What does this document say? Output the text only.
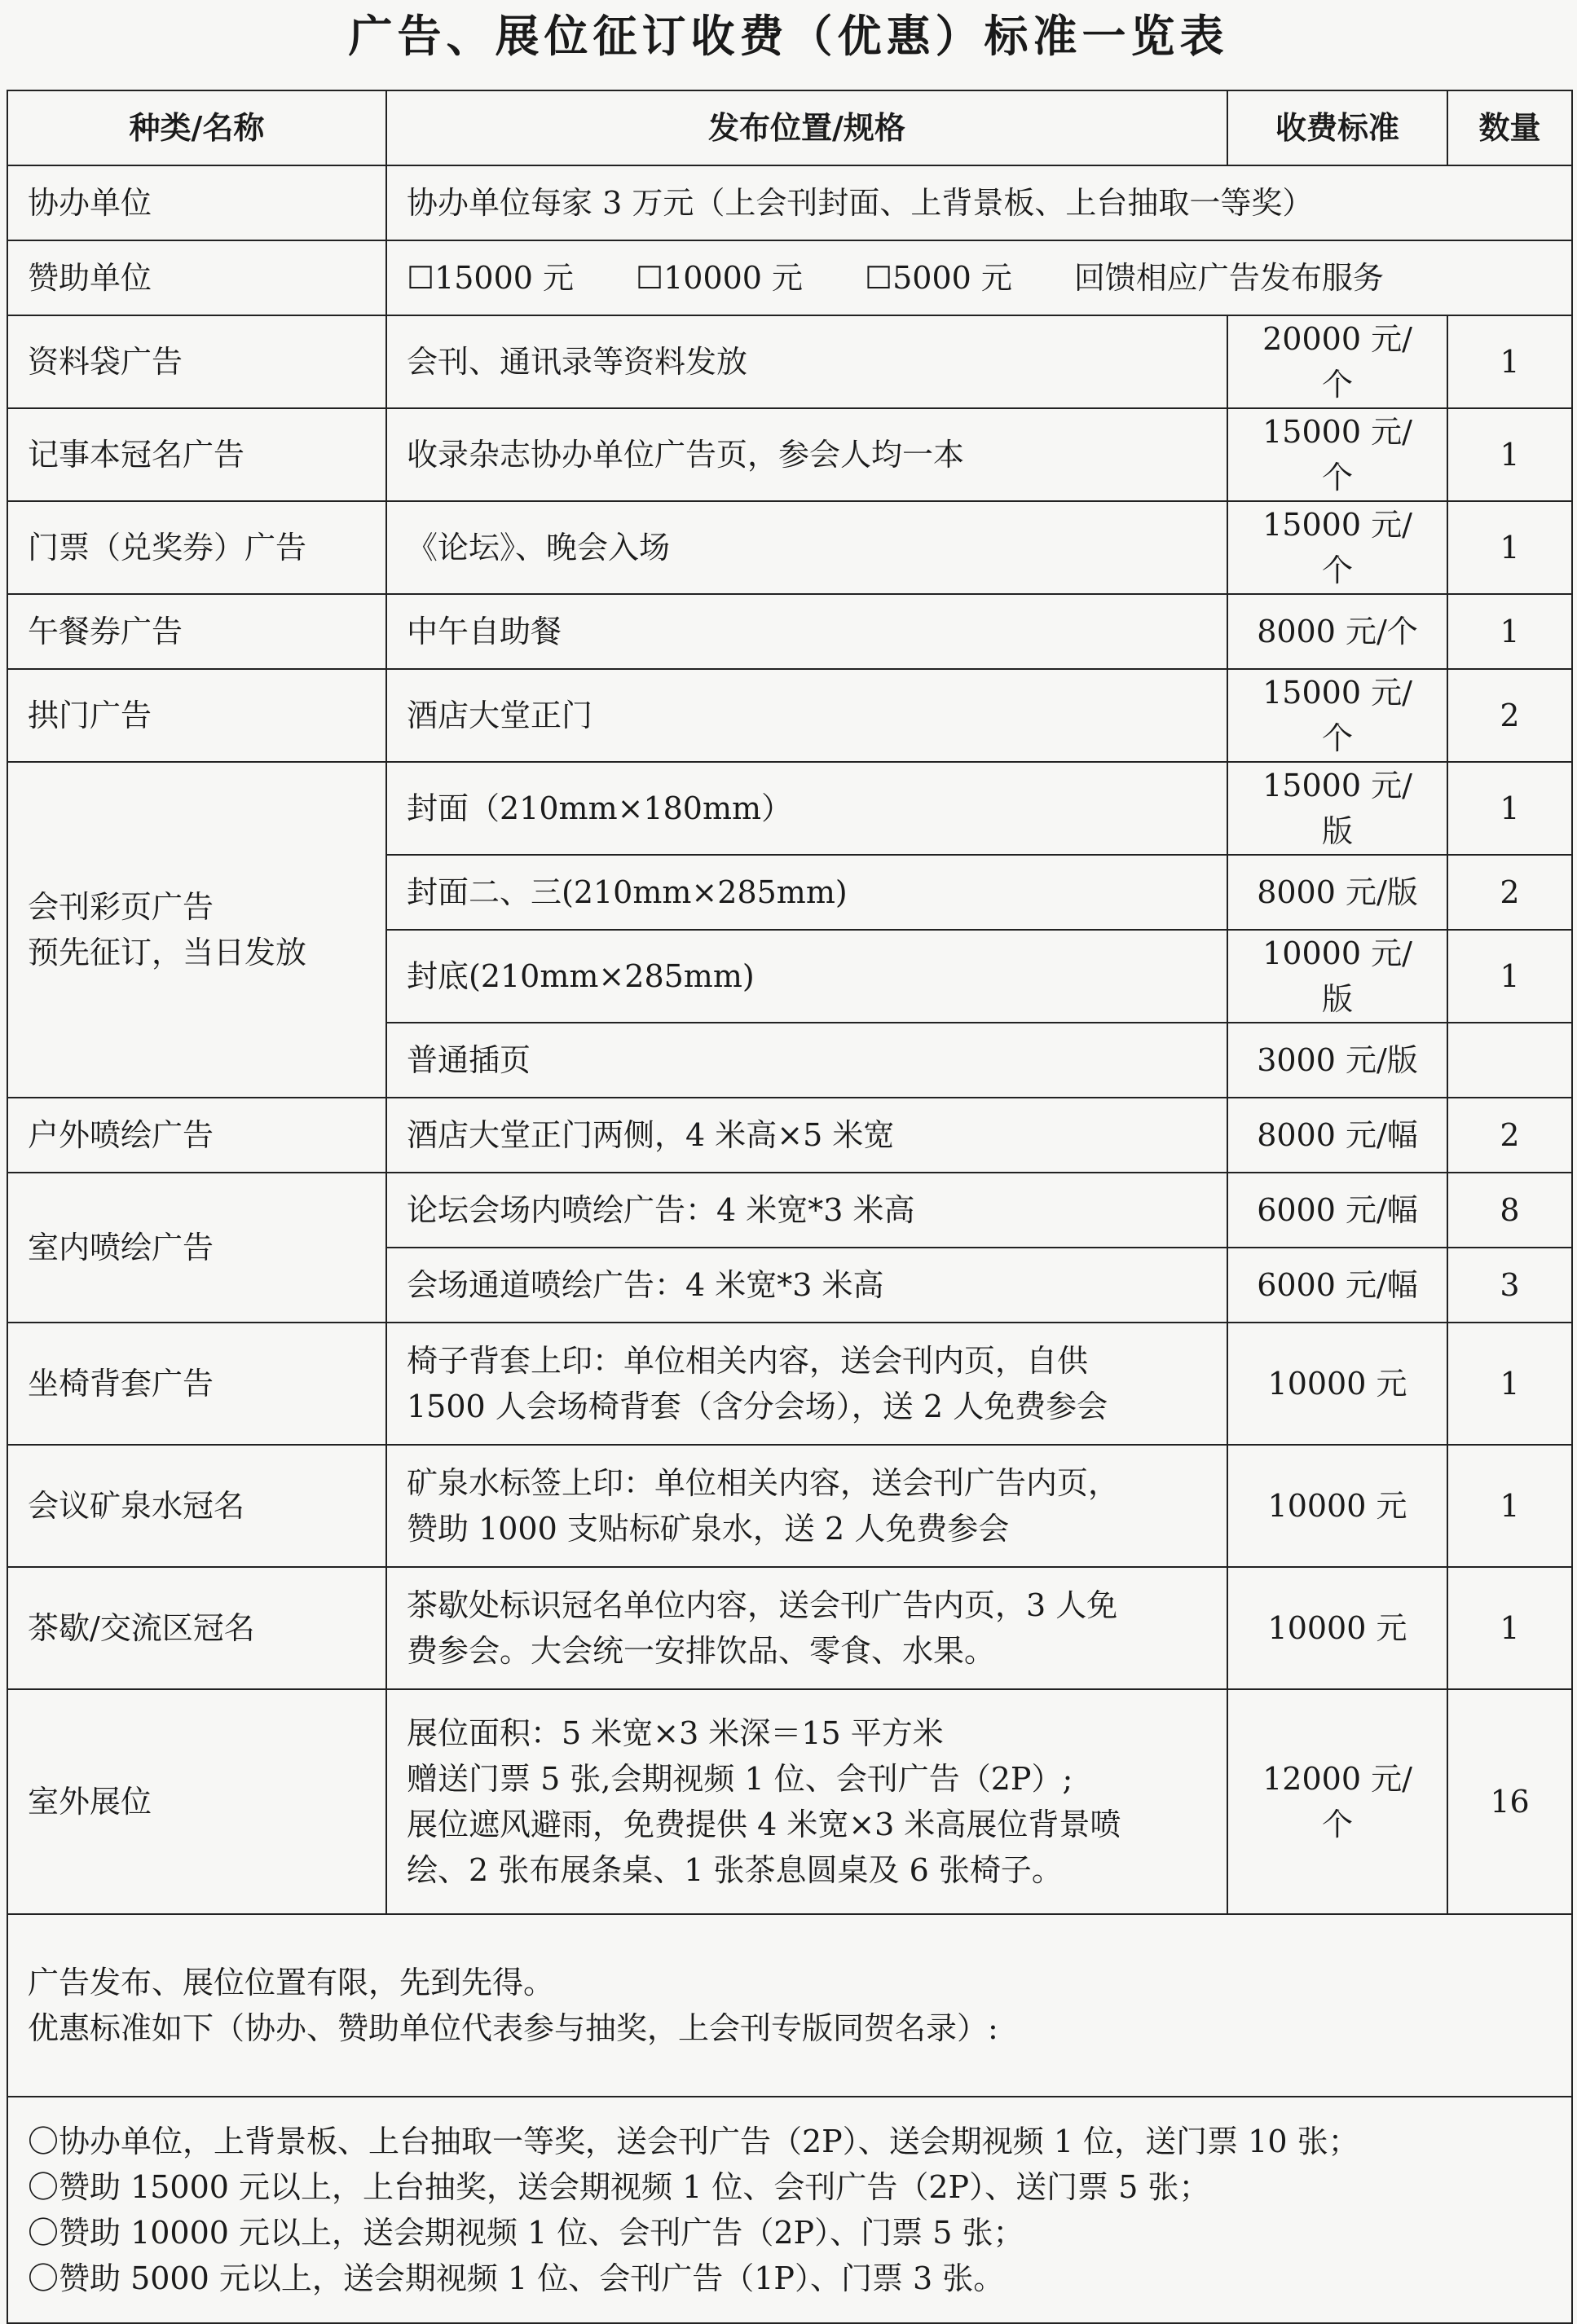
广告、展位征订收费（优惠）标准一览表
种类/名称	发布位置/规格	收费标准	数量
协办单位	协办单位每家 3 万元（上会刊封面、上背景板、上台抽取一等奖）		
赞助单位	☐15000 元　　☐10000 元　　☐5000 元　　回馈相应广告发布服务		
资料袋广告	会刊、通讯录等资料发放	20000 元/个	1
记事本冠名广告	收录杂志协办单位广告页，参会人均一本	15000 元/个	1
门票（兑奖券）广告	《论坛》、晚会入场	15000 元/个	1
午餐券广告	中午自助餐	8000 元/个	1
拱门广告	酒店大堂正门	15000 元/个	2

会刊彩页广告
预先征订，当日发放	封面（210mm×180mm）	15000 元/版	1
	封面二、三(210mm×285mm)	8000 元/版	2
	封底(210mm×285mm)	10000 元/版	1
	普通插页	3000 元/版	
户外喷绘广告	酒店大堂正门两侧，4 米高×5 米宽	8000 元/幅	2
室内喷绘广告	论坛会场内喷绘广告：4 米宽*3 米高	6000 元/幅	8
	会场通道喷绘广告：4 米宽*3 米高	6000 元/幅	3
坐椅背套广告	椅子背套上印：单位相关内容，送会刊内页，自供
1500 人会场椅背套（含分会场），送 2 人免费参会	10000 元	1
会议矿泉水冠名	矿泉水标签上印：单位相关内容，送会刊广告内页，
赞助 1000 支贴标矿泉水，送 2 人免费参会	10000 元	1
茶歇/交流区冠名	茶歇处标识冠名单位内容，送会刊广告内页，3 人免
费参会。大会统一安排饮品、零食、水果。	10000 元	1
室外展位	展位面积：5 米宽×3 米深＝15 平方米
赠送门票 5 张,会期视频 1 位、会刊广告（2P）;
展位遮风避雨，免费提供 4 米宽×3 米高展位背景喷
绘、2 张布展条桌、1 张茶息圆桌及 6 张椅子。	12000 元/个	16

广告发布、展位位置有限，先到先得。
优惠标准如下（协办、赞助单位代表参与抽奖，上会刊专版同贺名录）:			

〇协办单位，上背景板、上台抽取一等奖，送会刊广告（2P）、送会期视频 1 位，送门票 10 张；
〇赞助 15000 元以上，上台抽奖，送会期视频 1 位、会刊广告（2P）、送门票 5 张；
〇赞助 10000 元以上，送会期视频 1 位、会刊广告（2P）、门票 5 张；
〇赞助 5000 元以上，送会期视频 1 位、会刊广告（1P）、门票 3 张。			
